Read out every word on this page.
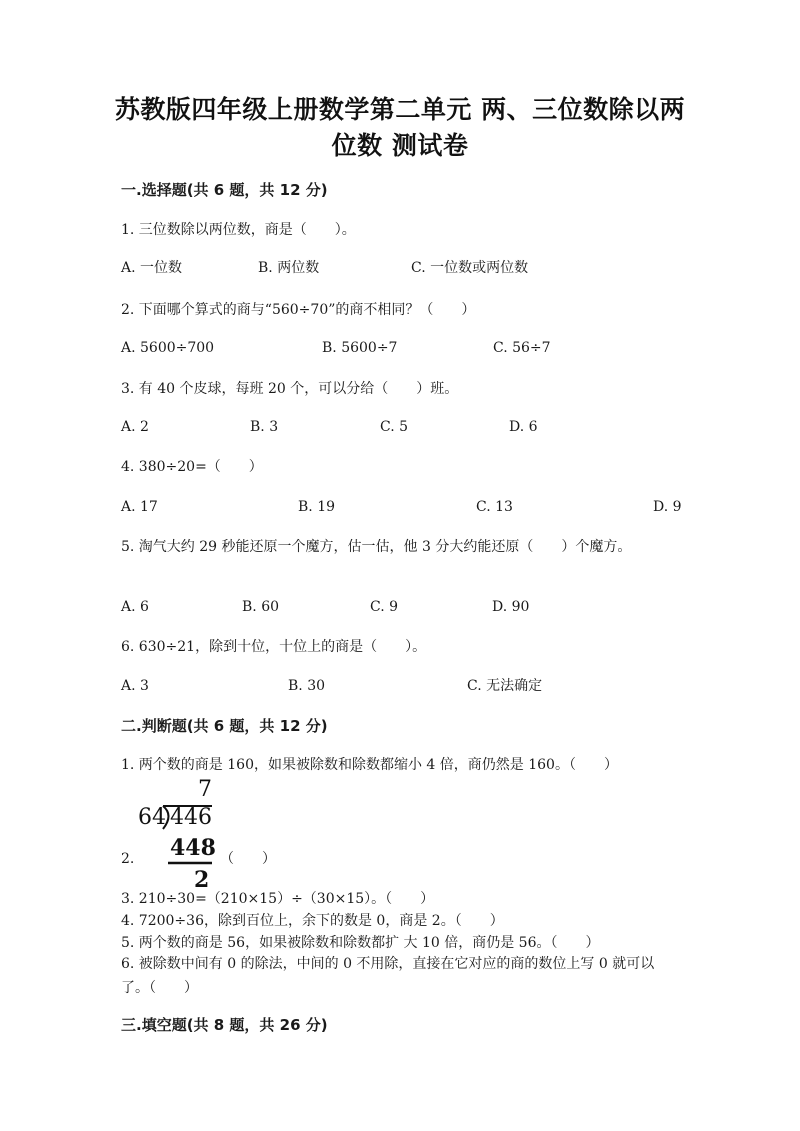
苏教版四年级上册数学第二单元 两、三位数除以两
位数 测试卷
一.选择题(共 6 题，共 12 分)
1. 三位数除以两位数，商是（　　）。
A. 一位数	B. 两位数	C. 一位数或两位数
2. 下面哪个算式的商与“560÷70”的商不相同？（　　）
A. 5600÷700	B. 5600÷7	C. 56÷7
3. 有 40 个皮球，每班 20 个，可以分给（　　）班。
A. 2	B. 3	C. 5	D. 6
4. 380÷20=（　　）
A. 17	B. 19	C. 13	D. 9
5. 淘气大约 29 秒能还原一个魔方，估一估，他 3 分大约能还原（　　）个魔方。
A. 6	B. 60	C. 9	D. 90
6. 630÷21，除到十位，十位上的商是（　　）。
A. 3	B. 30	C. 无法确定
二.判断题(共 6 题，共 12 分)
1. 两个数的商是 160，如果被除数和除数都缩小 4 倍，商仍然是 160。（　　）
7
64 446
448
2
2.	（　　）
3. 210÷30=（210×15）÷（30×15）。（　　）
4. 7200÷36，除到百位上，余下的数是 0，商是 2。（　　）
5. 两个数的商是 56，如果被除数和除数都扩 大 10 倍，商仍是 56。（　　）
6. 被除数中间有 0 的除法，中间的 0 不用除，直接在它对应的商的数位上写 0 就可以了。（　　）
三.填空题(共 8 题，共 26 分)
